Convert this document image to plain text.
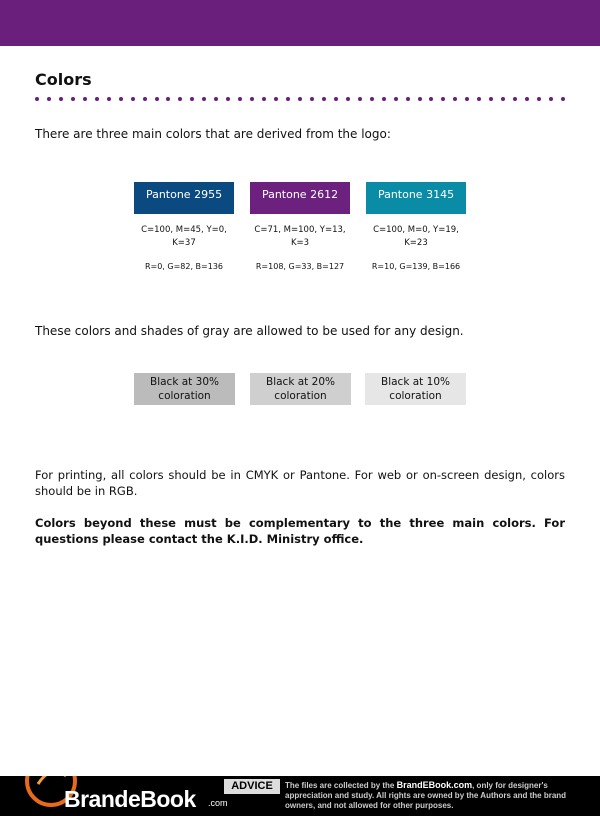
Colors

There are three main colors that are derived from the logo:

Pantone 2955
C=100, M=45, Y=0,
K=37
R=0, G=82, B=136
Pantone 2612
C=71, M=100, Y=13,
K=3
R=108, G=33, B=127
Pantone 3145
C=100, M=0, Y=19,
K=23
R=10, G=139, B=166

These colors and shades of gray are allowed to be used for any design.

Black at 30%
coloration
Black at 20%
coloration
Black at 10%
coloration

For printing, all colors should be in CMYK or Pantone. For web or on-screen design, colors should be in RGB.

Colors beyond these must be complementary to the three main colors. For questions please contact the K.I.D. Ministry office.

BrandeBook .com
ADVICE	The files are collected by the BrandEBook.com, only for designer's appreciation and study. All rights are owned by the Authors and the brand owners, and not allowed for other purposes.
